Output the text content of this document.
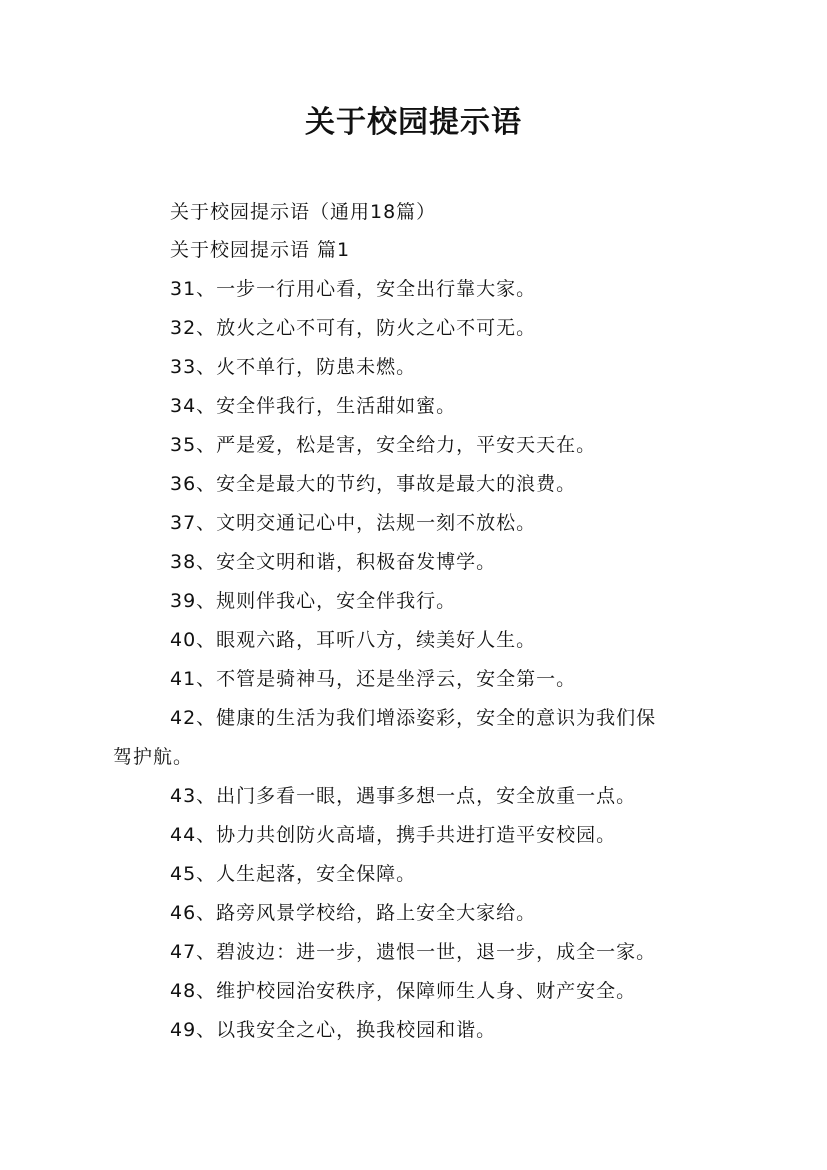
关于校园提示语
关于校园提示语（通用18篇）
关于校园提示语 篇1
31、一步一行用心看，安全出行靠大家。
32、放火之心不可有，防火之心不可无。
33、火不单行，防患未燃。
34、安全伴我行，生活甜如蜜。
35、严是爱，松是害，安全给力，平安天天在。
36、安全是最大的节约，事故是最大的浪费。
37、文明交通记心中，法规一刻不放松。
38、安全文明和谐，积极奋发博学。
39、规则伴我心，安全伴我行。
40、眼观六路，耳听八方，续美好人生。
41、不管是骑神马，还是坐浮云，安全第一。
42、健康的生活为我们增添姿彩，安全的意识为我们保
驾护航。
43、出门多看一眼，遇事多想一点，安全放重一点。
44、协力共创防火高墙，携手共进打造平安校园。
45、人生起落，安全保障。
46、路旁风景学校给，路上安全大家给。
47、碧波边：进一步，遗恨一世，退一步，成全一家。
48、维护校园治安秩序，保障师生人身、财产安全。
49、以我安全之心，换我校园和谐。
